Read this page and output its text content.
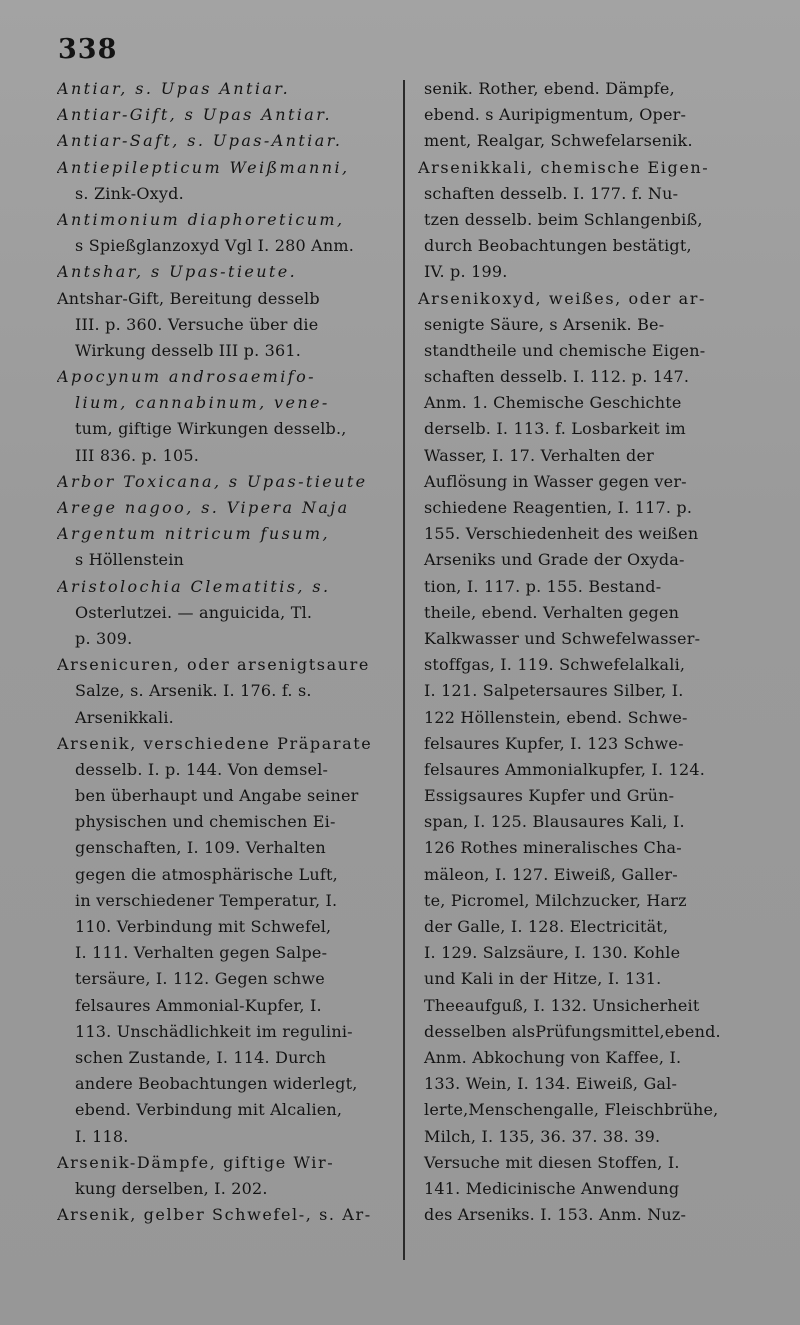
338
Antiar, s. Upas Antiar.
Antiar-Gift, s Upas Antiar.
Antiar-Saft, s. Upas-Antiar.
Antiepilepticum Weißmanni,
s. Zink-Oxyd.
Antimonium diaphoreticum,
s Spießglanzoxyd Vgl I. 280 Anm.
Antshar, s Upas-tieute.
Antshar-Gift, Bereitung desselb
III. p. 360. Versuche über die
Wirkung desselb III p. 361.
Apocynum androsaemifo-
lium, cannabinum, vene-
tum, giftige Wirkungen desselb.,
III 836. p. 105.
Arbor Toxicana, s Upas-tieute
Arege nagoo, s. Vipera Naja
Argentum nitricum fusum,
s Höllenstein
Aristolochia Clematitis, s.
Osterlutzei. — anguicida, Tl.
p. 309.
Arsenicuren, oder arsenigtsaure
Salze, s. Arsenik. I. 176. f. s.
Arsenikkali.
Arsenik, verschiedene Präparate
desselb. I. p. 144. Von demsel-
ben überhaupt und Angabe seiner
physischen und chemischen Ei-
genschaften, I. 109. Verhalten
gegen die atmosphärische Luft,
in verschiedener Temperatur, I.
110. Verbindung mit Schwefel,
I. 111. Verhalten gegen Salpe-
tersäure, I. 112. Gegen schwe
felsaures Ammonial-Kupfer, I.
113. Unschädlichkeit im regulini-
schen Zustande, I. 114. Durch
andere Beobachtungen widerlegt,
ebend. Verbindung mit Alcalien,
I. 118.
Arsenik-Dämpfe, giftige Wir-
kung derselben, I. 202.
Arsenik, gelber Schwefel-, s. Ar-
senik. Rother, ebend. Dämpfe,
ebend. s Auripigmentum, Oper-
ment, Realgar, Schwefelarsenik.
Arsenikkali, chemische Eigen-
schaften desselb. I. 177. f. Nu-
tzen desselb. beim Schlangenbiß,
durch Beobachtungen bestätigt,
IV. p. 199.
Arsenikoxyd, weißes, oder ar-
senigte Säure, s Arsenik. Be-
standtheile und chemische Eigen-
schaften desselb. I. 112. p. 147.
Anm. 1. Chemische Geschichte
derselb. I. 113. f. Losbarkeit im
Wasser, I. 17. Verhalten der
Auflösung in Wasser gegen ver-
schiedene Reagentien, I. 117. p.
155. Verschiedenheit des weißen
Arseniks und Grade der Oxyda-
tion, I. 117. p. 155. Bestand-
theile, ebend. Verhalten gegen
Kalkwasser und Schwefelwasser-
stoffgas, I. 119. Schwefelalkali,
I. 121. Salpetersaures Silber, I.
122 Höllenstein, ebend. Schwe-
felsaures Kupfer, I. 123 Schwe-
felsaures Ammonialkupfer, I. 124.
Essigsaures Kupfer und Grün-
span, I. 125. Blausaures Kali, I.
126 Rothes mineralisches Cha-
mäleon, I. 127. Eiweiß, Galler-
te, Picromel, Milchzucker, Harz
der Galle, I. 128. Electricität,
I. 129. Salzsäure, I. 130. Kohle
und Kali in der Hitze, I. 131.
Theeaufguß, I. 132. Unsicherheit
desselben alsPrüfungsmittel,ebend.
Anm. Abkochung von Kaffee, I.
133. Wein, I. 134. Eiweiß, Gal-
lerte,Menschengalle, Fleischbrühe,
Milch, I. 135, 36. 37. 38. 39.
Versuche mit diesen Stoffen, I.
141. Medicinische Anwendung
des Arseniks. I. 153. Anm. Nuz-
